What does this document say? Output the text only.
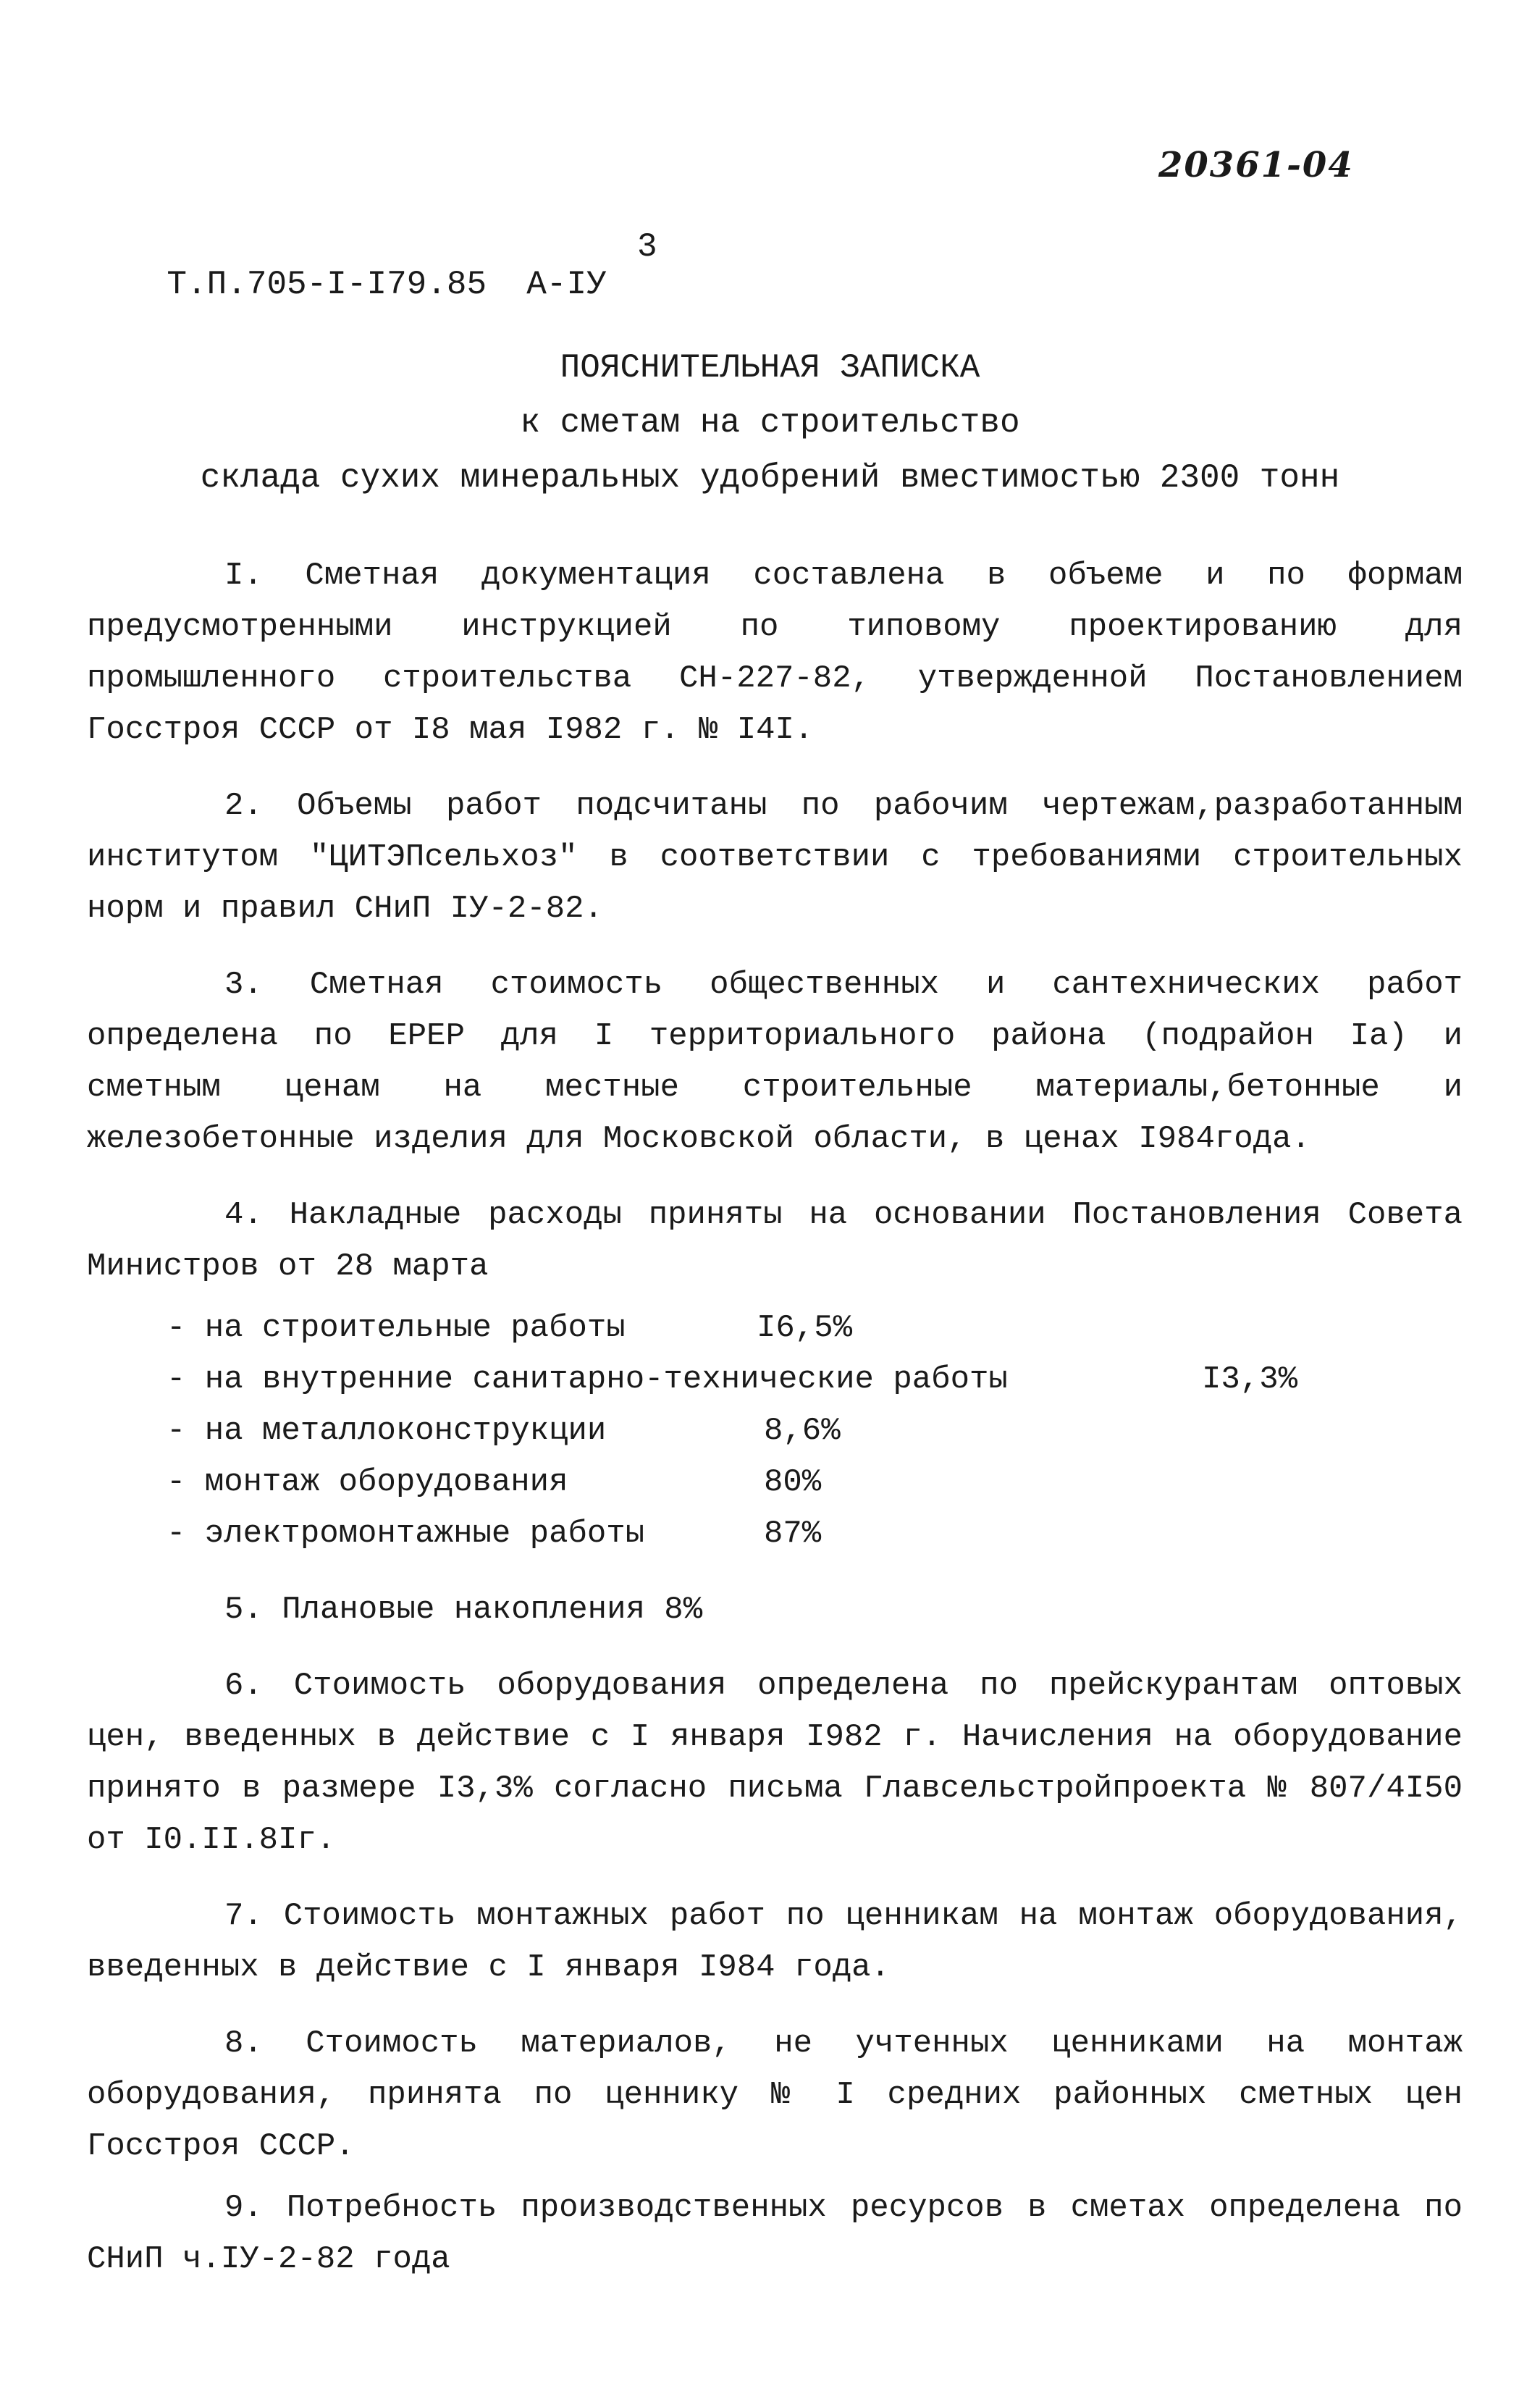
20361-04

Т.П.705-I-I79.85  А-IУ

3

ПОЯСНИТЕЛЬНАЯ ЗАПИСКА
к сметам на строительство
склада сухих минеральных удобрений вместимостью 2300 тонн

I. Сметная документация составлена в объеме и по формам предусмотренными инструкцией по типовому проектированию для промышленного строительства СН-227-82, утвержденной Постановлением Госстроя СССР от I8 мая I982 г. № I4I.

2. Объемы работ подсчитаны по рабочим чертежам,разработанным институтом "ЦИТЭПсельхоз" в соответствии с требованиями строительных норм и правил СНиП IУ-2-82.

3. Сметная стоимость общественных и сантехнических работ определена по ЕРЕР для I территориального района (подрайон Iа) и сметным ценам на местные строительные материалы,бетонные и железобетонные изделия для Московской области, в ценах I984года.

4. Накладные расходы приняты на основании Постановления Совета Министров от 28 марта

- на строительные работы	I6,5%
- на внутренние санитарно-технические работы	I3,3%
- на металлоконструкции	8,6%
- монтаж оборудования	80%
- электромонтажные работы	87%

5. Плановые накопления 8%

6. Стоимость оборудования определена по прейскурантам оптовых цен, введенных в действие с I января I982 г. Начисления на оборудование принято в размере I3,3% согласно письма Главсельстройпроекта № 807/4I50 от I0.II.8Iг.

7. Стоимость монтажных работ по ценникам на монтаж оборудования, введенных в действие с I января I984 года.

8. Стоимость материалов, не учтенных ценниками на монтаж оборудования, принята по ценнику № I средних районных сметных цен Госстроя СССР.

9. Потребность производственных ресурсов в сметах определена по СНиП ч.IУ-2-82 года
